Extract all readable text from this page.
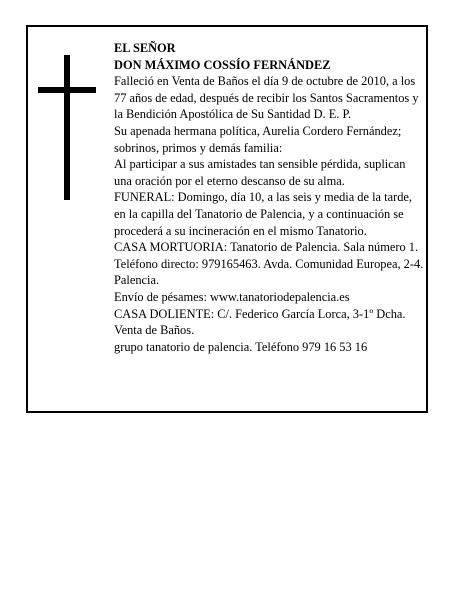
EL SEÑOR

DON MÁXIMO COSSÍO FERNÁNDEZ

Falleció en Venta de Baños el día 9 de octubre de 2010, a los 77 años de edad, después de recibir los Santos Sacramentos y la Bendición Apostólica de Su Santidad D. E. P.

Su apenada hermana política, Aurelia Cordero Fernández; sobrinos, primos y demás familia:

Al participar a sus amistades tan sensible pérdida, suplican una oración por el eterno descanso de su alma.

FUNERAL: Domingo, día 10, a las seis y media de la tarde, en la capilla del Tanatorio de Palencia, y a continuación se procederá a su incineración en el mismo Tanatorio.

CASA MORTUORIA: Tanatorio de Palencia. Sala número 1. Teléfono directo: 979165463. Avda. Comunidad Europea, 2-4. Palencia.

Envío de pésames: www.tanatoriodepalencia.es

CASA DOLIENTE: C/. Federico García Lorca, 3-1º Dcha. Venta de Baños.

grupo tanatorio de palencia. Teléfono 979 16 53 16
